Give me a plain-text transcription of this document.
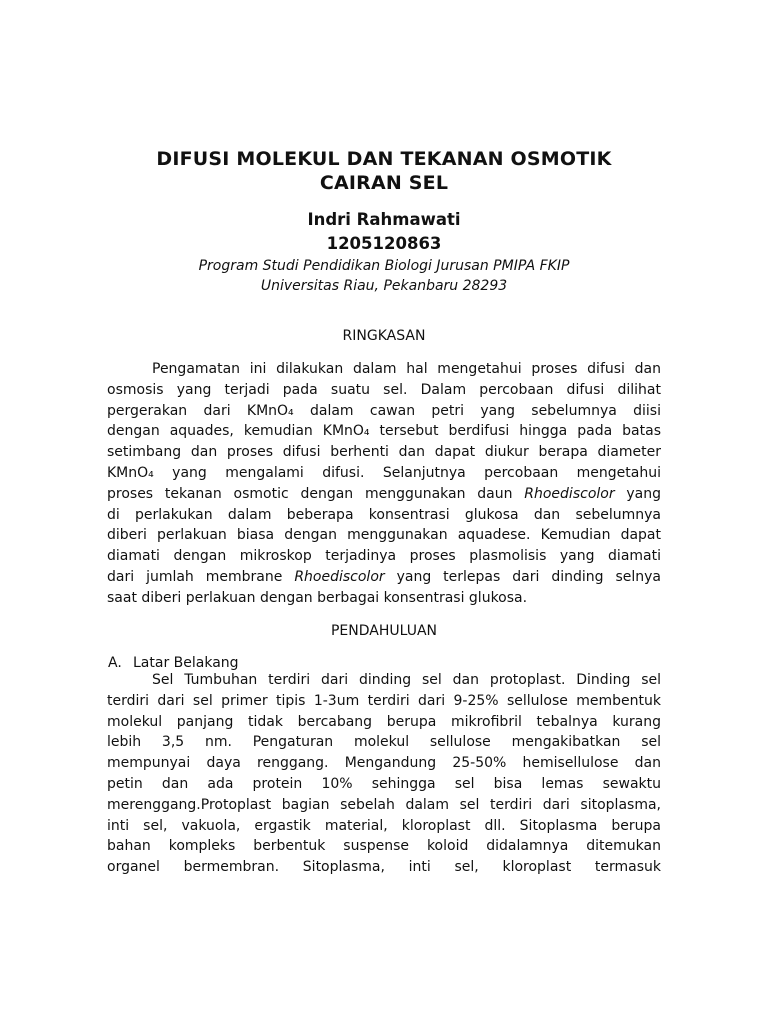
DIFUSI MOLEKUL DAN TEKANAN OSMOTIK
CAIRAN SEL
Indri Rahmawati
1205120863
Program Studi Pendidikan Biologi Jurusan PMIPA FKIP
Universitas Riau, Pekanbaru 28293
RINGKASAN
Pengamatan ini dilakukan dalam hal mengetahui proses difusi dan
osmosis yang terjadi pada suatu sel. Dalam percobaan difusi dilihat
pergerakan dari KMnO₄ dalam cawan petri yang sebelumnya diisi
dengan aquades, kemudian KMnO₄ tersebut berdifusi hingga pada batas
setimbang dan proses difusi berhenti dan dapat diukur berapa diameter
KMnO₄ yang mengalami difusi. Selanjutnya percobaan mengetahui
proses tekanan osmotic dengan menggunakan daun Rhoediscolor yang
di perlakukan dalam beberapa konsentrasi glukosa dan sebelumnya
diberi perlakuan biasa dengan menggunakan aquadese. Kemudian dapat
diamati dengan mikroskop terjadinya proses plasmolisis yang diamati
dari jumlah membrane Rhoediscolor yang terlepas dari dinding selnya
saat diberi perlakuan dengan berbagai konsentrasi glukosa.
PENDAHULUAN
A. Latar Belakang
Sel Tumbuhan terdiri dari dinding sel dan protoplast. Dinding sel
terdiri dari sel primer tipis 1-3um terdiri dari 9-25% sellulose membentuk
molekul panjang tidak bercabang berupa mikrofibril tebalnya kurang
lebih 3,5 nm. Pengaturan molekul sellulose mengakibatkan sel
mempunyai daya renggang. Mengandung 25-50% hemisellulose dan
petin dan ada protein 10% sehingga sel bisa lemas sewaktu
merenggang.Protoplast bagian sebelah dalam sel terdiri dari sitoplasma,
inti sel, vakuola, ergastik material, kloroplast dll. Sitoplasma berupa
bahan kompleks berbentuk suspense koloid didalamnya ditemukan
organel bermembran. Sitoplasma, inti sel, kloroplast termasuk
